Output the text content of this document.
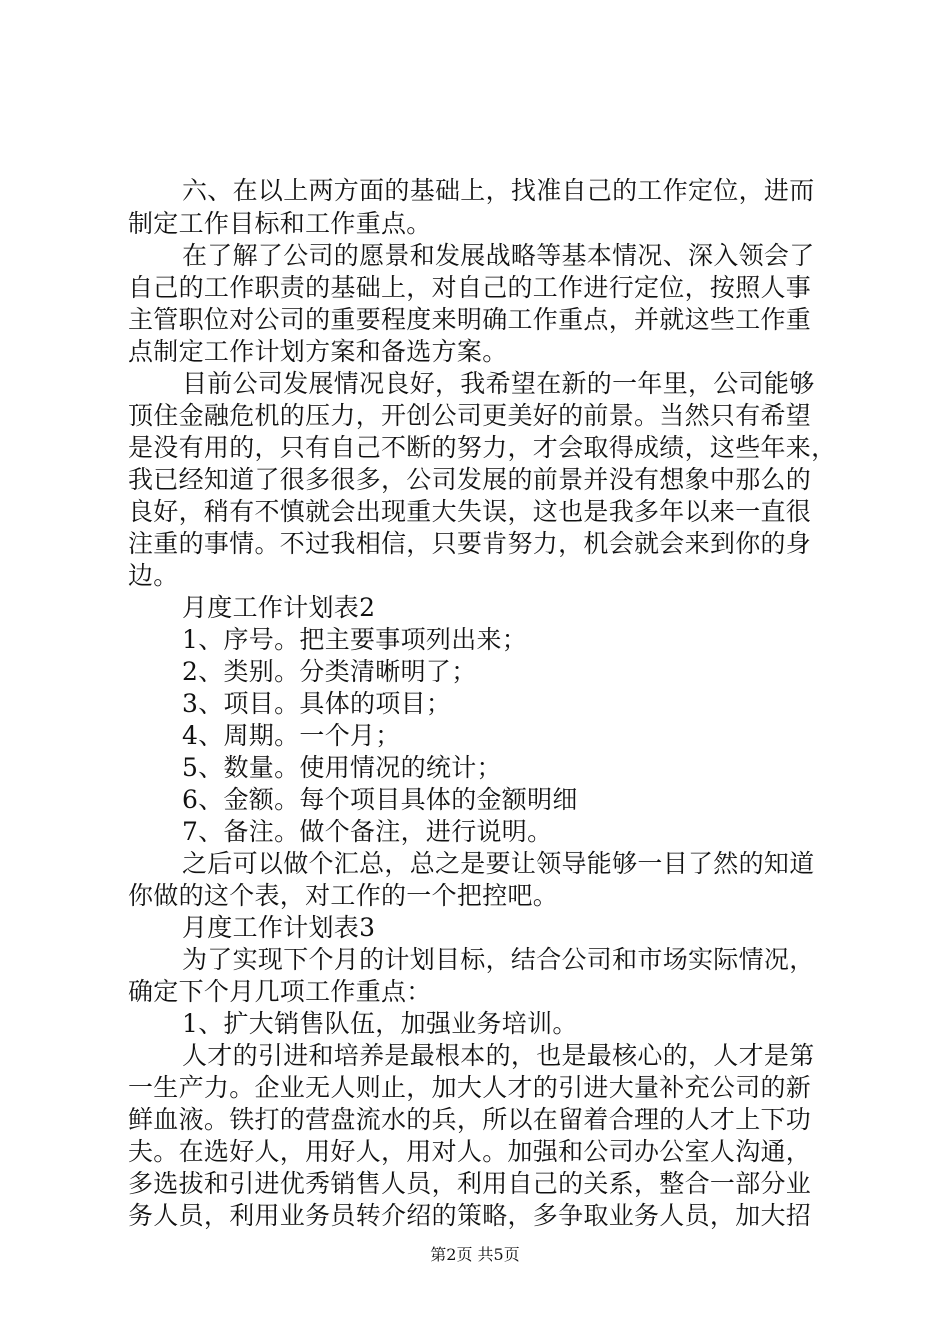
六、在以上两方面的基础上，找准自己的工作定位，进而
制定工作目标和工作重点。
在了解了公司的愿景和发展战略等基本情况、深入领会了
自己的工作职责的基础上，对自己的工作进行定位，按照人事
主管职位对公司的重要程度来明确工作重点，并就这些工作重
点制定工作计划方案和备选方案。
目前公司发展情况良好，我希望在新的一年里，公司能够
顶住金融危机的压力，开创公司更美好的前景。当然只有希望
是没有用的，只有自己不断的努力，才会取得成绩，这些年来，
我已经知道了很多很多，公司发展的前景并没有想象中那么的
良好，稍有不慎就会出现重大失误，这也是我多年以来一直很
注重的事情。不过我相信，只要肯努力，机会就会来到你的身
边。
月度工作计划表2
1、序号。把主要事项列出来；
2、类别。分类清晰明了；
3、项目。具体的项目；
4、周期。一个月；
5、数量。使用情况的统计；
6、金额。每个项目具体的金额明细
7、备注。做个备注，进行说明。
之后可以做个汇总，总之是要让领导能够一目了然的知道
你做的这个表，对工作的一个把控吧。
月度工作计划表3
为了实现下个月的计划目标，结合公司和市场实际情况，
确定下个月几项工作重点：
1、扩大销售队伍，加强业务培训。
人才的引进和培养是最根本的，也是最核心的，人才是第
一生产力。企业无人则止，加大人才的引进大量补充公司的新
鲜血液。铁打的营盘流水的兵，所以在留着合理的人才上下功
夫。在选好人，用好人，用对人。加强和公司办公室人沟通，
多选拔和引进优秀销售人员，利用自己的关系，整合一部分业
务人员，利用业务员转介绍的策略，多争取业务人员，加大招
第2页 共5页
